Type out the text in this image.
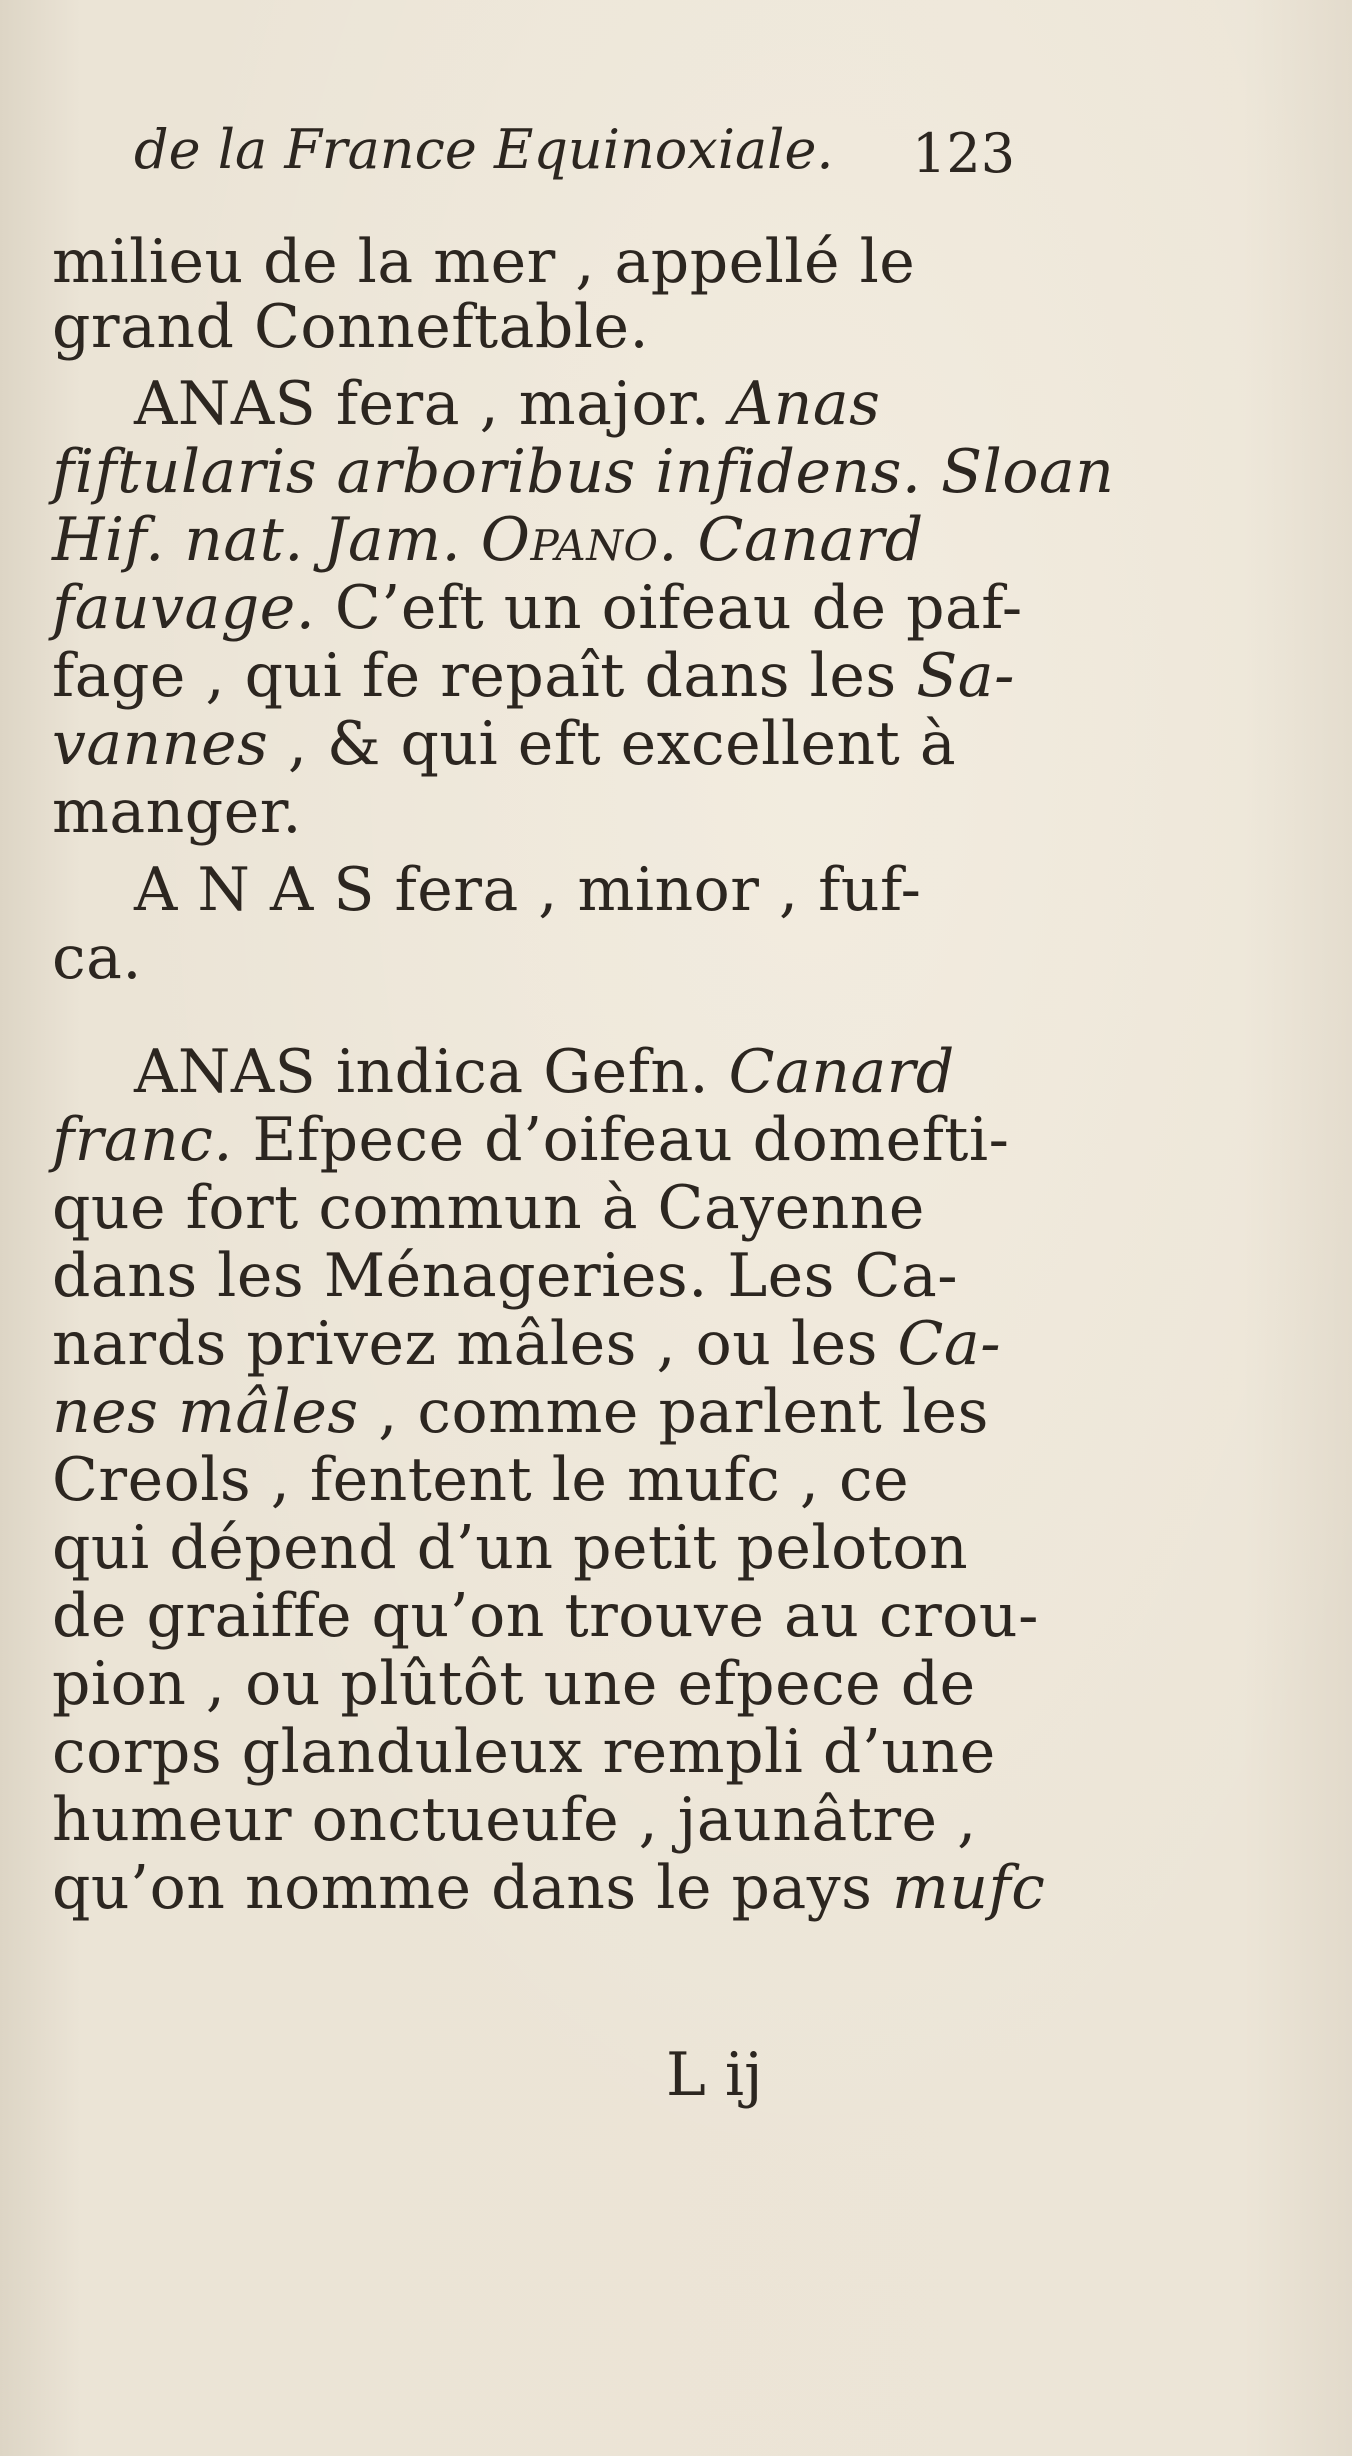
de la France Equinoxiale. 123
milieu de la mer , appellé le
grand Conneftable.
ANAS fera , major. Anas
fiftularis arboribus infidens. Sloan
Hif. nat. Jam. Opano. Canard
fauvage. C’eft un oifeau de paf-
fage , qui fe repaît dans les Sa-
vannes , & qui eft excellent à
manger.
A N A S fera , minor , fuf-
ca.
ANAS indica Gefn. Canard
franc. Efpece d’oifeau domefti-
que fort commun à Cayenne
dans les Ménageries. Les Ca-
nards privez mâles , ou les Ca-
nes mâles , comme parlent les
Creols , fentent le mufc , ce
qui dépend d’un petit peloton
de graiffe qu’on trouve au crou-
pion , ou plûtôt une efpece de
corps glanduleux rempli d’une
humeur onctueufe , jaunâtre ,
qu’on nomme dans le pays mufc
L ij
